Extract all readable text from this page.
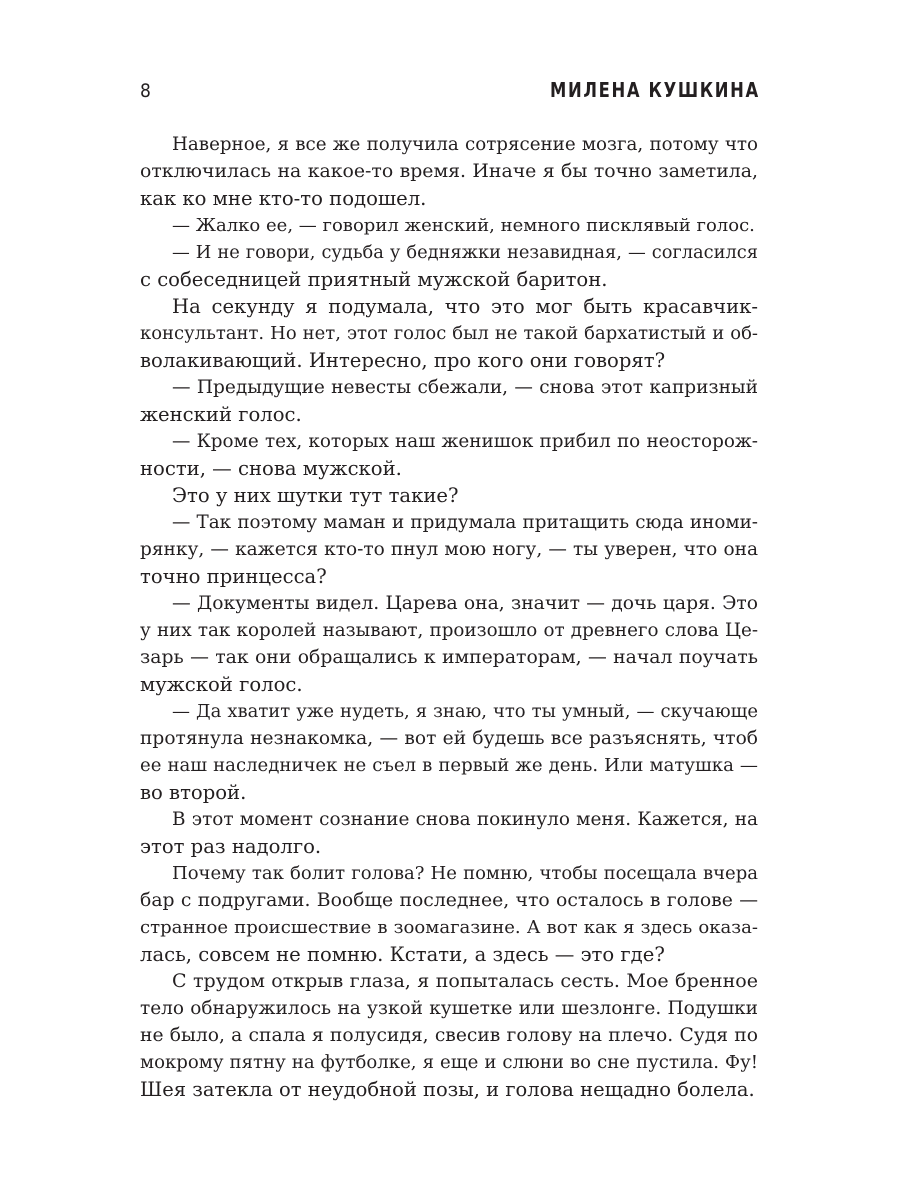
8	МИЛЕНА КУШКИНА
Наверное, я все же получила сотрясение мозга, потому что
отключилась на какое-то время. Иначе я бы точно заметила,
как ко мне кто-то подошел.
— Жалко ее, — говорил женский, немного писклявый голос.
— И не говори, судьба у бедняжки незавидная, — согласился
с собеседницей приятный мужской баритон.
На секунду я подумала, что это мог быть красавчик-
консультант. Но нет, этот голос был не такой бархатистый и об-
волакивающий. Интересно, про кого они говорят?
— Предыдущие невесты сбежали, — снова этот капризный
женский голос.
— Кроме тех, которых наш женишок прибил по неосторож-
ности, — снова мужской.
Это у них шутки тут такие?
— Так поэтому маман и придумала притащить сюда иноми-
рянку, — кажется кто-то пнул мою ногу, — ты уверен, что она
точно принцесса?
— Документы видел. Царева она, значит — дочь царя. Это
у них так королей называют, произошло от древнего слова Це-
зарь — так они обращались к императорам, — начал поучать
мужской голос.
— Да хватит уже нудеть, я знаю, что ты умный, — скучающе
протянула незнакомка, — вот ей будешь все разъяснять, чтоб
ее наш наследничек не съел в первый же день. Или матушка —
во второй.
В этот момент сознание снова покинуло меня. Кажется, на
этот раз надолго.
Почему так болит голова? Не помню, чтобы посещала вчера
бар с подругами. Вообще последнее, что осталось в голове —
странное происшествие в зоомагазине. А вот как я здесь оказа-
лась, совсем не помню. Кстати, а здесь — это где?
С трудом открыв глаза, я попыталась сесть. Мое бренное
тело обнаружилось на узкой кушетке или шезлонге. Подушки
не было, а спала я полусидя, свесив голову на плечо. Судя по
мокрому пятну на футболке, я еще и слюни во сне пустила. Фу!
Шея затекла от неудобной позы, и голова нещадно болела.
